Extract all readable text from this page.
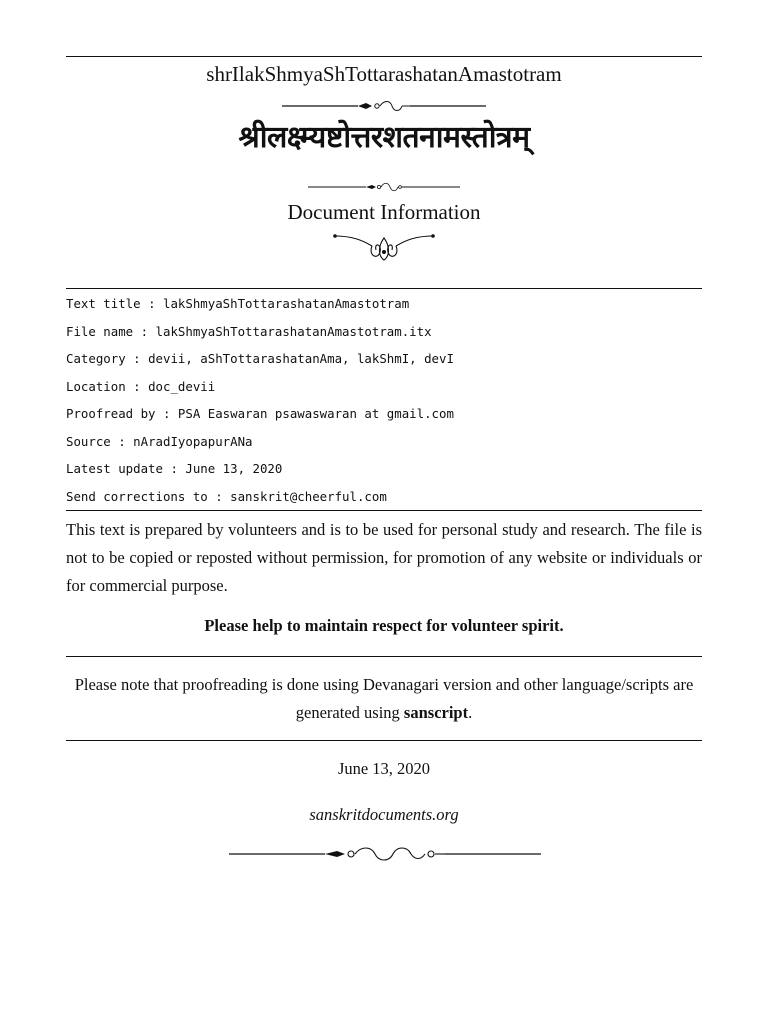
shrIlakShmyaShTottarashatanAmastotram
श्रीलक्ष्म्यष्टोत्तरशतनामस्तोत्रम्
Document Information
Text title : lakShmyaShTottarashatanAmastotram
File name : lakShmyaShTottarashatanAmastotram.itx
Category : devii, aShTottarashatanAma, lakShmI, devI
Location : doc_devii
Proofread by : PSA Easwaran psawaswaran at gmail.com
Source : nAradIyopapurANa
Latest update : June 13, 2020
Send corrections to : sanskrit@cheerful.com
This text is prepared by volunteers and is to be used for personal study and research. The file is not to be copied or reposted without permission, for promotion of any website or individuals or for commercial purpose.
Please help to maintain respect for volunteer spirit.
Please note that proofreading is done using Devanagari version and other language/scripts are generated using sanscript.
June 13, 2020
sanskritdocuments.org
